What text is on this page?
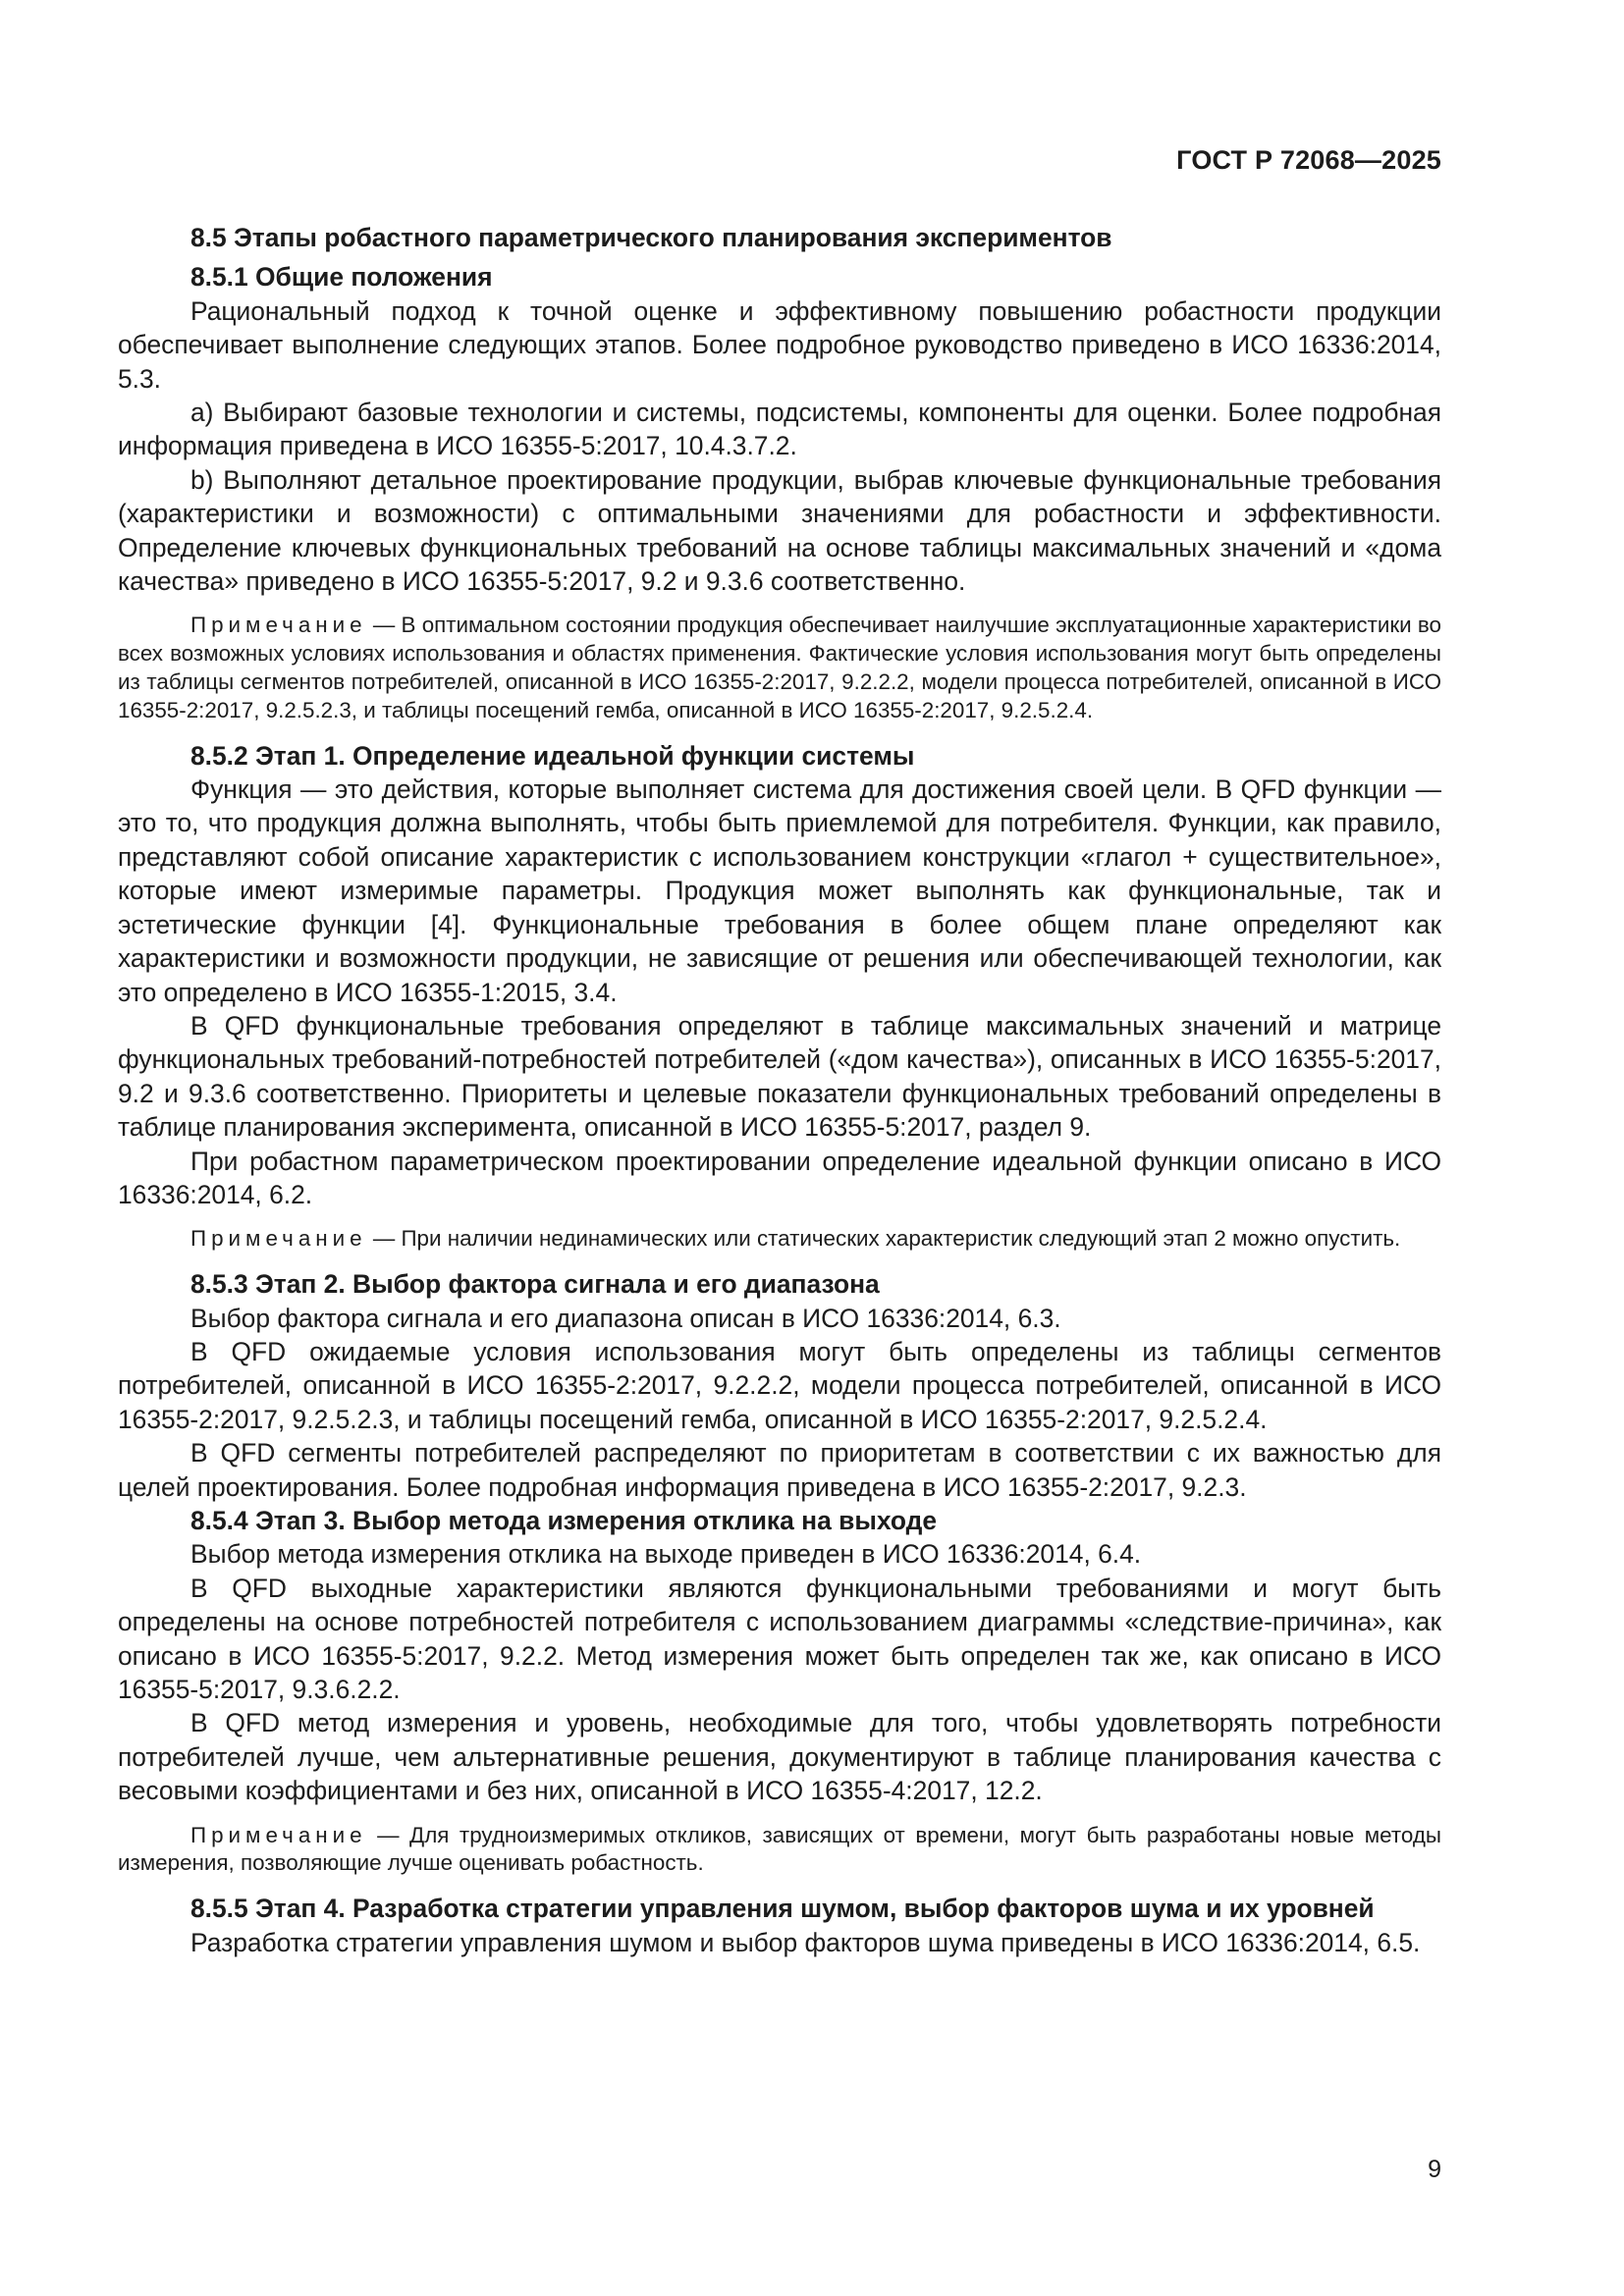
ГОСТ Р 72068—2025
8.5 Этапы робастного параметрического планирования экспериментов
8.5.1 Общие положения

Рациональный подход к точной оценке и эффективному повышению робастности продукции обеспечивает выполнение следующих этапов. Более подробное руководство приведено в ИСО 16336:2014, 5.3.

a) Выбирают базовые технологии и системы, подсистемы, компоненты для оценки. Более подробная информация приведена в ИСО 16355-5:2017, 10.4.3.7.2.

b) Выполняют детальное проектирование продукции, выбрав ключевые функциональные требования (характеристики и возможности) с оптимальными значениями для робастности и эффективности. Определение ключевых функциональных требований на основе таблицы максимальных значений и «дома качества» приведено в ИСО 16355-5:2017, 9.2 и 9.3.6 соответственно.

Примечание — В оптимальном состоянии продукция обеспечивает наилучшие эксплуатационные характеристики во всех возможных условиях использования и областях применения. Фактические условия использования могут быть определены из таблицы сегментов потребителей, описанной в ИСО 16355-2:2017, 9.2.2.2, модели процесса потребителей, описанной в ИСО 16355-2:2017, 9.2.5.2.3, и таблицы посещений гемба, описанной в ИСО 16355-2:2017, 9.2.5.2.4.

8.5.2 Этап 1. Определение идеальной функции системы

Функция — это действия, которые выполняет система для достижения своей цели. В QFD функции — это то, что продукция должна выполнять, чтобы быть приемлемой для потребителя. Функции, как правило, представляют собой описание характеристик с использованием конструкции «глагол + существительное», которые имеют измеримые параметры. Продукция может выполнять как функциональные, так и эстетические функции [4]. Функциональные требования в более общем плане определяют как характеристики и возможности продукции, не зависящие от решения или обеспечивающей технологии, как это определено в ИСО 16355-1:2015, 3.4.

В QFD функциональные требования определяют в таблице максимальных значений и матрице функциональных требований-потребностей потребителей («дом качества»), описанных в ИСО 16355-5:2017, 9.2 и 9.3.6 соответственно. Приоритеты и целевые показатели функциональных требований определены в таблице планирования эксперимента, описанной в ИСО 16355-5:2017, раздел 9.

При робастном параметрическом проектировании определение идеальной функции описано в ИСО 16336:2014, 6.2.

Примечание — При наличии нединамических или статических характеристик следующий этап 2 можно опустить.

8.5.3 Этап 2. Выбор фактора сигнала и его диапазона

Выбор фактора сигнала и его диапазона описан в ИСО 16336:2014, 6.3.

В QFD ожидаемые условия использования могут быть определены из таблицы сегментов потребителей, описанной в ИСО 16355-2:2017, 9.2.2.2, модели процесса потребителей, описанной в ИСО 16355-2:2017, 9.2.5.2.3, и таблицы посещений гемба, описанной в ИСО 16355-2:2017, 9.2.5.2.4.

В QFD сегменты потребителей распределяют по приоритетам в соответствии с их важностью для целей проектирования. Более подробная информация приведена в ИСО 16355-2:2017, 9.2.3.

8.5.4 Этап 3. Выбор метода измерения отклика на выходе

Выбор метода измерения отклика на выходе приведен в ИСО 16336:2014, 6.4.

В QFD выходные характеристики являются функциональными требованиями и могут быть определены на основе потребностей потребителя с использованием диаграммы «следствие-причина», как описано в ИСО 16355-5:2017, 9.2.2. Метод измерения может быть определен так же, как описано в ИСО 16355-5:2017, 9.3.6.2.2.

В QFD метод измерения и уровень, необходимые для того, чтобы удовлетворять потребности потребителей лучше, чем альтернативные решения, документируют в таблице планирования качества с весовыми коэффициентами и без них, описанной в ИСО 16355-4:2017, 12.2.

Примечание — Для трудноизмеримых откликов, зависящих от времени, могут быть разработаны новые методы измерения, позволяющие лучше оценивать робастность.

8.5.5 Этап 4. Разработка стратегии управления шумом, выбор факторов шума и их уровней

Разработка стратегии управления шумом и выбор факторов шума приведены в ИСО 16336:2014, 6.5.

9
